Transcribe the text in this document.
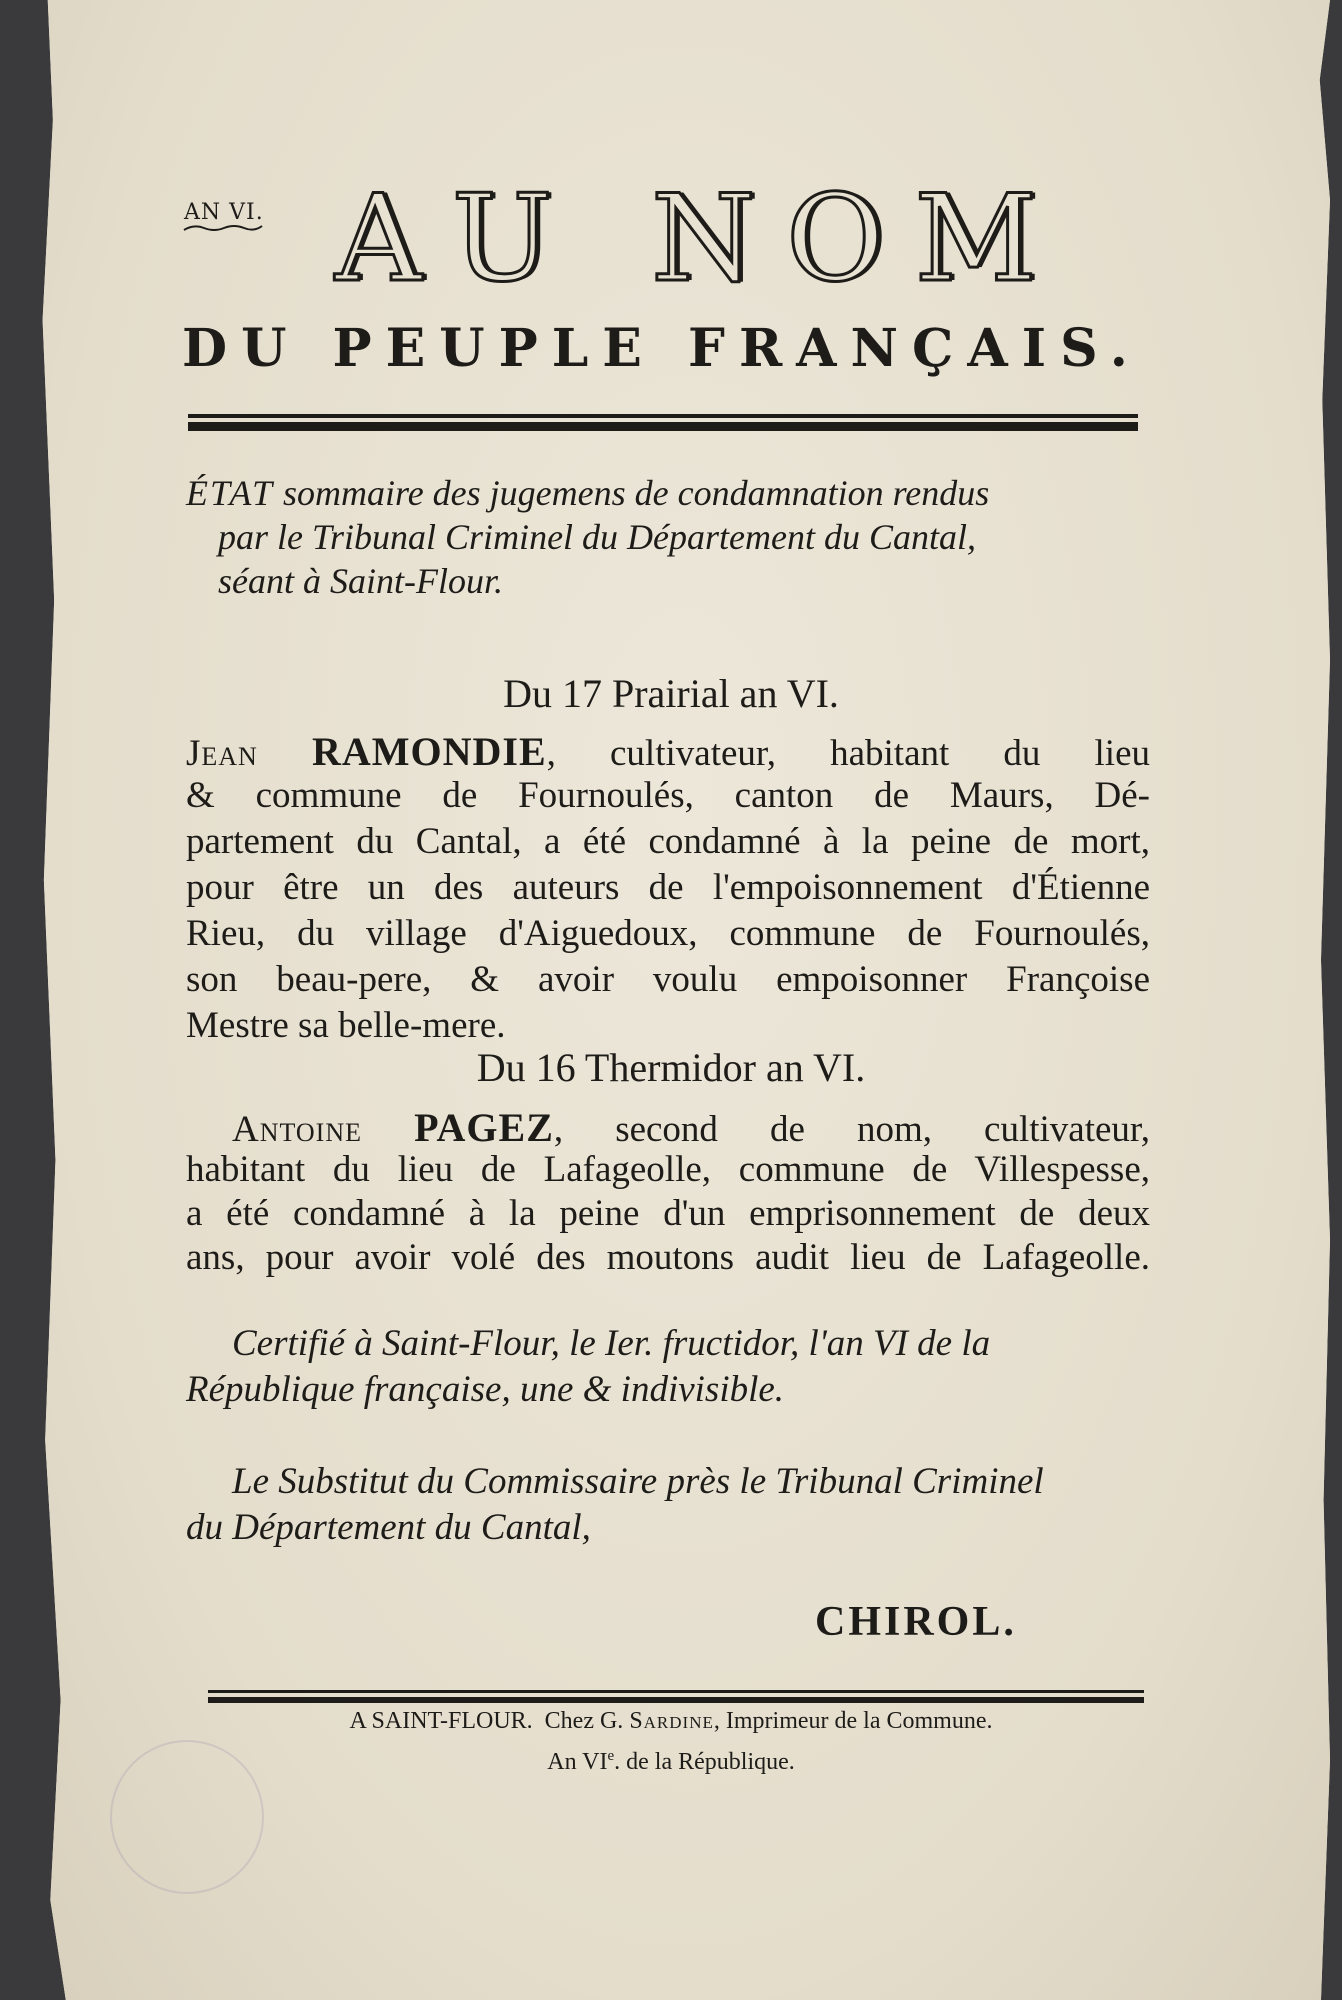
AN VI. AU NOM
DU PEUPLE FRANÇAIS.
ÉTAT sommaire des jugemens de condamnation rendus
par le Tribunal Criminel du Département du Cantal,
séant à Saint-Flour.
Du 17 Prairial an VI.
Jean RAMONDIE, cultivateur, habitant du lieu
& commune de Fournoulés, canton de Maurs, Dé-
partement du Cantal, a été condamné à la peine de mort,
pour être un des auteurs de l'empoisonnement d'Étienne
Rieu, du village d'Aiguedoux, commune de Fournoulés,
son beau-pere, & avoir voulu empoisonner Françoise
Mestre sa belle-mere.
Du 16 Thermidor an VI.
Antoine PAGEZ, second de nom, cultivateur,
habitant du lieu de Lafageolle, commune de Villespesse,
a été condamné à la peine d'un emprisonnement de deux
ans, pour avoir volé des moutons audit lieu de Lafageolle.
Certifié à Saint-Flour, le Ier. fructidor, l'an VI de la
République française, une & indivisible.
Le Substitut du Commissaire près le Tribunal Criminel
du Département du Cantal,
CHIROL.
A SAINT-FLOUR. Chez G. Sardine, Imprimeur de la Commune.
An VIe. de la République.
